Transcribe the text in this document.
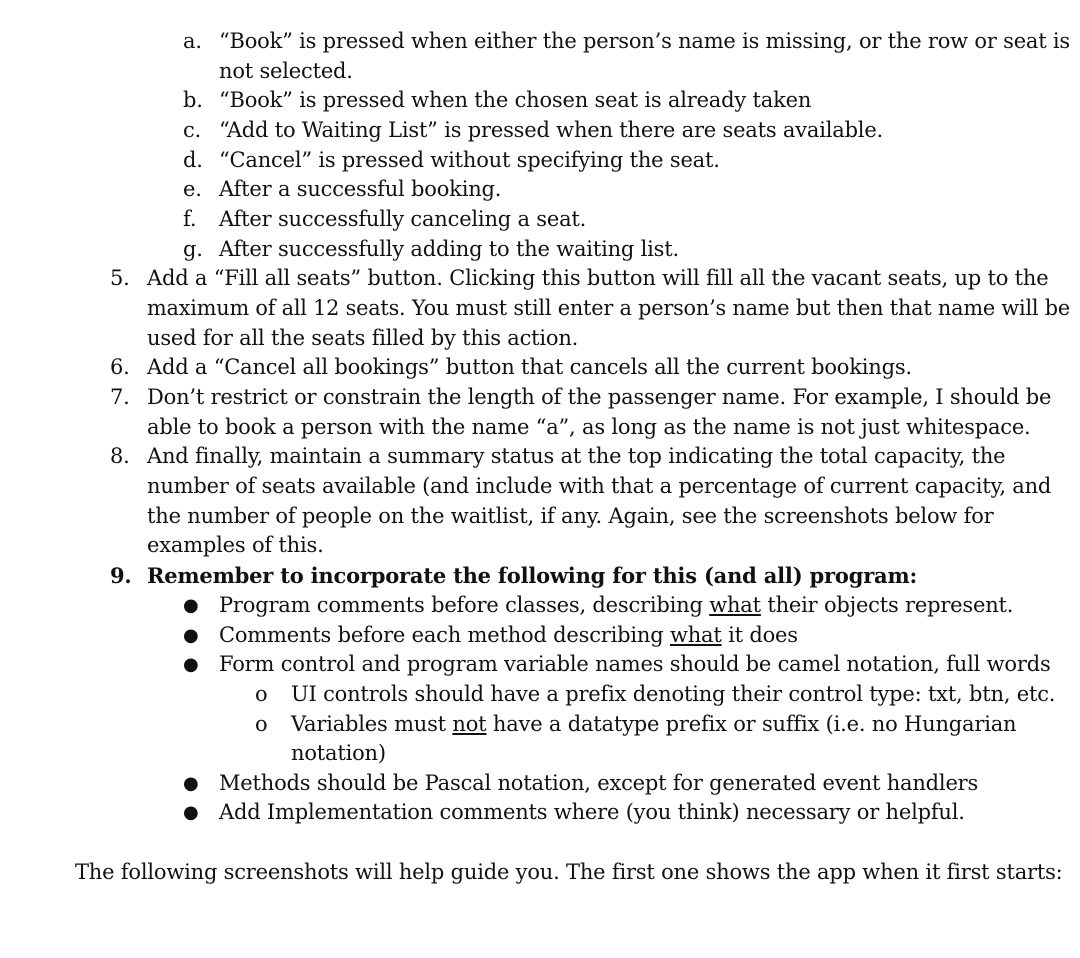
a. “Book” is pressed when either the person’s name is missing, or the row or seat is
not selected.
b. “Book” is pressed when the chosen seat is already taken
c. “Add to Waiting List” is pressed when there are seats available.
d. “Cancel” is pressed without specifying the seat.
e. After a successful booking.
f. After successfully canceling a seat.
g. After successfully adding to the waiting list.
5. Add a “Fill all seats” button. Clicking this button will fill all the vacant seats, up to the
maximum of all 12 seats. You must still enter a person’s name but then that name will be
used for all the seats filled by this action.
6. Add a “Cancel all bookings” button that cancels all the current bookings.
7. Don’t restrict or constrain the length of the passenger name. For example, I should be
able to book a person with the name “a”, as long as the name is not just whitespace.
8. And finally, maintain a summary status at the top indicating the total capacity, the
number of seats available (and include with that a percentage of current capacity, and
the number of people on the waitlist, if any. Again, see the screenshots below for
examples of this.
9. Remember to incorporate the following for this (and all) program:
● Program comments before classes, describing what their objects represent.
● Comments before each method describing what it does
● Form control and program variable names should be camel notation, full words
o UI controls should have a prefix denoting their control type: txt, btn, etc.
o Variables must not have a datatype prefix or suffix (i.e. no Hungarian
notation)
● Methods should be Pascal notation, except for generated event handlers
● Add Implementation comments where (you think) necessary or helpful.
The following screenshots will help guide you. The first one shows the app when it first starts:
